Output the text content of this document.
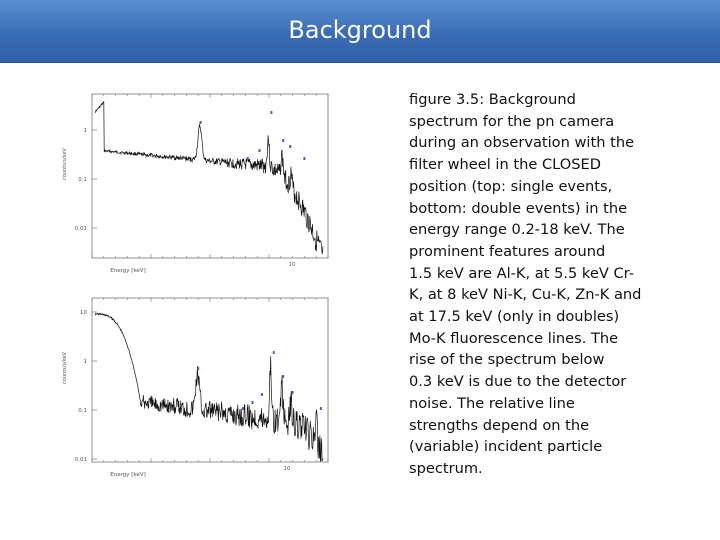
Background
1
0.1
0.01
10
Energy [keV]
counts/s/keV
10
1
0.1
0.01
10
Energy [keV]
counts/s/keV
figure 3.5: Background
spectrum for the pn camera
during an observation with the
filter wheel in the CLOSED
position (top: single events,
bottom: double events) in the
energy range 0.2-18 keV. The
prominent features around
1.5 keV are Al-K, at 5.5 keV Cr-
K, at 8 keV Ni-K, Cu-K, Zn-K and
at 17.5 keV (only in doubles)
Mo-K fluorescence lines. The
rise of the spectrum below
0.3 keV is due to the detector
noise. The relative line
strengths depend on the
(variable) incident particle
spectrum.
